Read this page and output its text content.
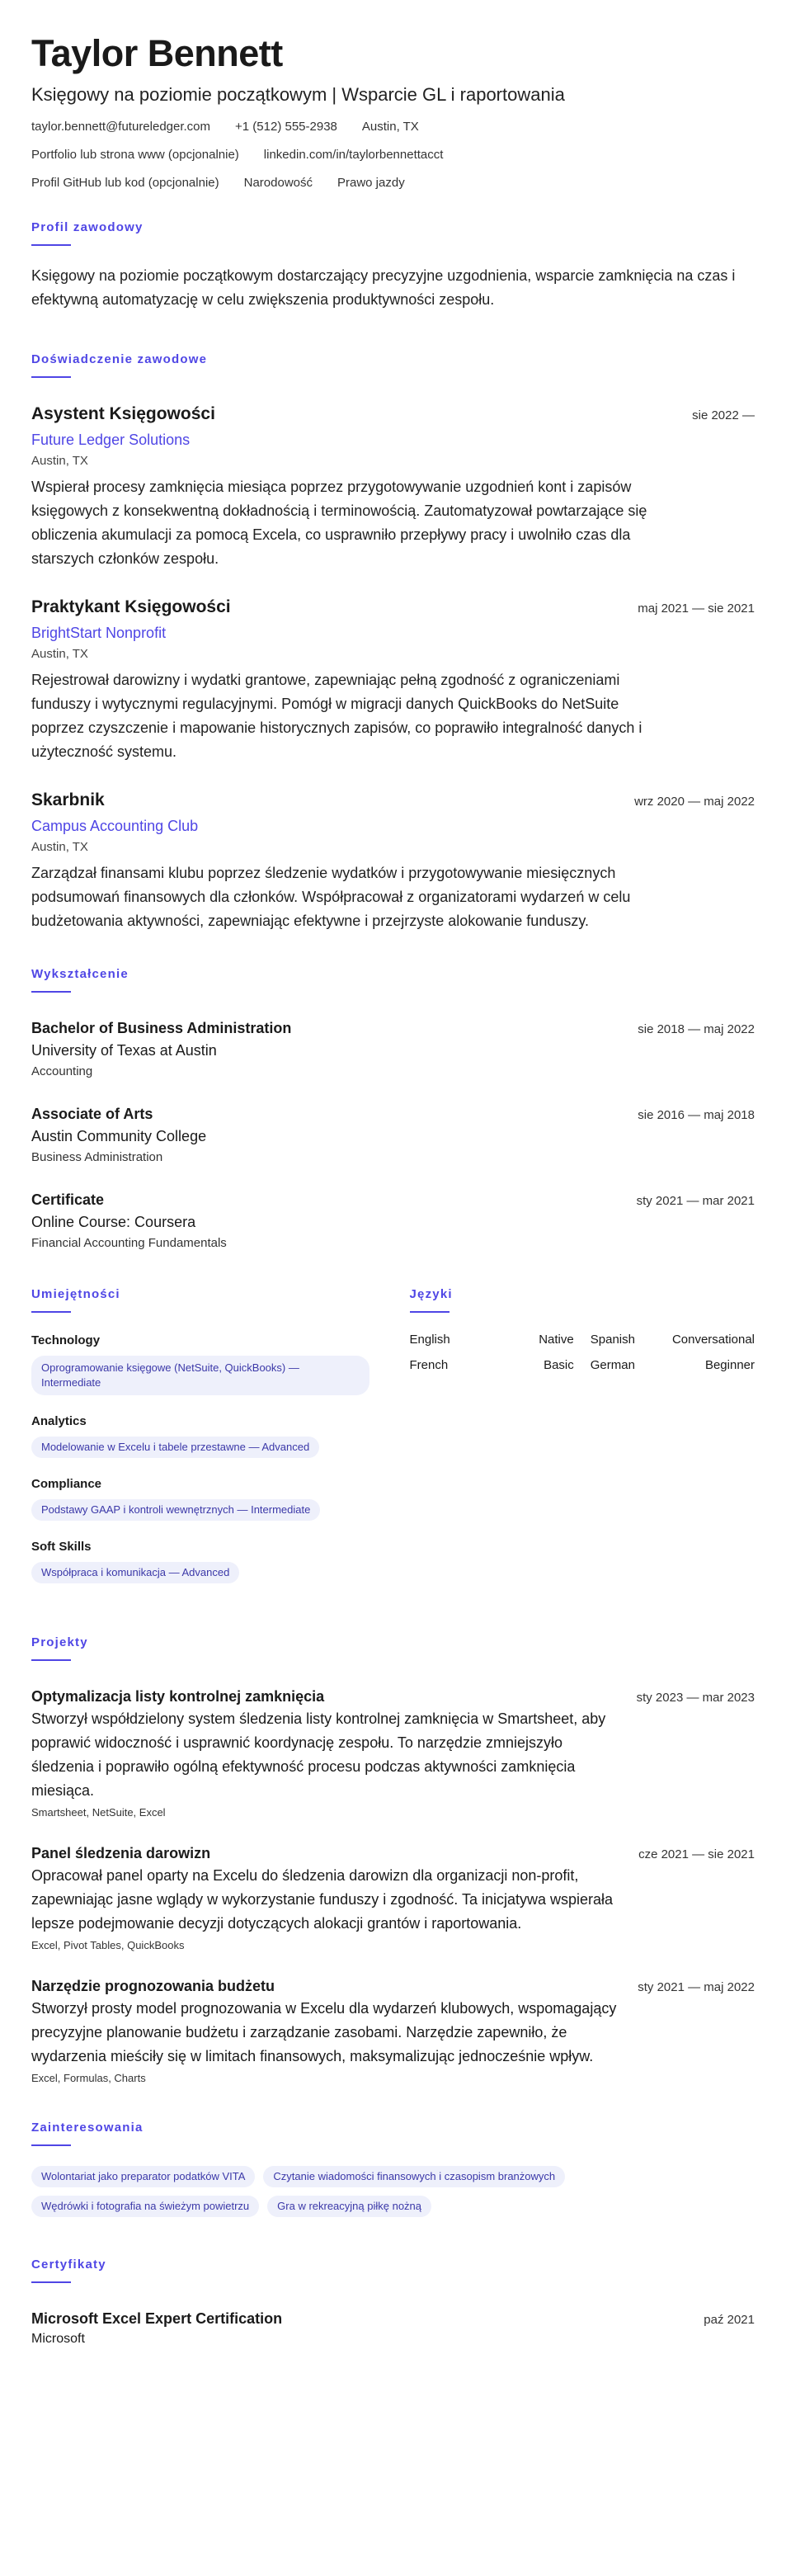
Taylor Bennett
Księgowy na poziomie początkowym | Wsparcie GL i raportowania
taylor.bennett@futureledger.com +1 (512) 555-2938 Austin, TX
Portfolio lub strona www (opcjonalnie) linkedin.com/in/taylorbennettacct
Profil GitHub lub kod (opcjonalnie) Narodowość Prawo jazdy
Profil zawodowy
Księgowy na poziomie początkowym dostarczający precyzyjne uzgodnienia, wsparcie zamknięcia na czas i efektywną automatyzację w celu zwiększenia produktywności zespołu.
Doświadczenie zawodowe
Asystent Księgowości	sie 2022 —
Future Ledger Solutions
Austin, TX
Wspierał procesy zamknięcia miesiąca poprzez przygotowywanie uzgodnień kont i zapisów księgowych z konsekwentną dokładnością i terminowością. Zautomatyzował powtarzające się obliczenia akumulacji za pomocą Excela, co usprawniło przepływy pracy i uwolniło czas dla starszych członków zespołu.
Praktykant Księgowości	maj 2021 — sie 2021
BrightStart Nonprofit
Austin, TX
Rejestrował darowizny i wydatki grantowe, zapewniając pełną zgodność z ograniczeniami funduszy i wytycznymi regulacyjnymi. Pomógł w migracji danych QuickBooks do NetSuite poprzez czyszczenie i mapowanie historycznych zapisów, co poprawiło integralność danych i użyteczność systemu.
Skarbnik	wrz 2020 — maj 2022
Campus Accounting Club
Austin, TX
Zarządzał finansami klubu poprzez śledzenie wydatków i przygotowywanie miesięcznych podsumowań finansowych dla członków. Współpracował z organizatorami wydarzeń w celu budżetowania aktywności, zapewniając efektywne i przejrzyste alokowanie funduszy.
Wykształcenie
Bachelor of Business Administration	sie 2018 — maj 2022
University of Texas at Austin
Accounting
Associate of Arts	sie 2016 — maj 2018
Austin Community College
Business Administration
Certificate	sty 2021 — mar 2021
Online Course: Coursera
Financial Accounting Fundamentals
Umiejętności
Technology
Oprogramowanie księgowe (NetSuite, QuickBooks) — Intermediate
Analytics
Modelowanie w Excelu i tabele przestawne — Advanced
Compliance
Podstawy GAAP i kontroli wewnętrznych — Intermediate
Soft Skills
Współpraca i komunikacja — Advanced
Języki
English	Native Spanish	Conversational
French	Basic German	Beginner
Projekty
Optymalizacja listy kontrolnej zamknięcia	sty 2023 — mar 2023
Stworzył współdzielony system śledzenia listy kontrolnej zamknięcia w Smartsheet, aby poprawić widoczność i usprawnić koordynację zespołu. To narzędzie zmniejszyło śledzenia i poprawiło ogólną efektywność procesu podczas aktywności zamknięcia miesiąca.
Smartsheet, NetSuite, Excel
Panel śledzenia darowizn	cze 2021 — sie 2021
Opracował panel oparty na Excelu do śledzenia darowizn dla organizacji non-profit, zapewniając jasne wglądy w wykorzystanie funduszy i zgodność. Ta inicjatywa wspierała lepsze podejmowanie decyzji dotyczących alokacji grantów i raportowania.
Excel, Pivot Tables, QuickBooks
Narzędzie prognozowania budżetu	sty 2021 — maj 2022
Stworzył prosty model prognozowania w Excelu dla wydarzeń klubowych, wspomagający precyzyjne planowanie budżetu i zarządzanie zasobami. Narzędzie zapewniło, że wydarzenia mieściły się w limitach finansowych, maksymalizując jednocześnie wpływ.
Excel, Formulas, Charts
Zainteresowania
Wolontariat jako preparator podatków VITA	Czytanie wiadomości finansowych i czasopism branżowych
Wędrówki i fotografia na świeżym powietrzu	Gra w rekreacyjną piłkę nożną
Certyfikaty
Microsoft Excel Expert Certification	paź 2021
Microsoft
